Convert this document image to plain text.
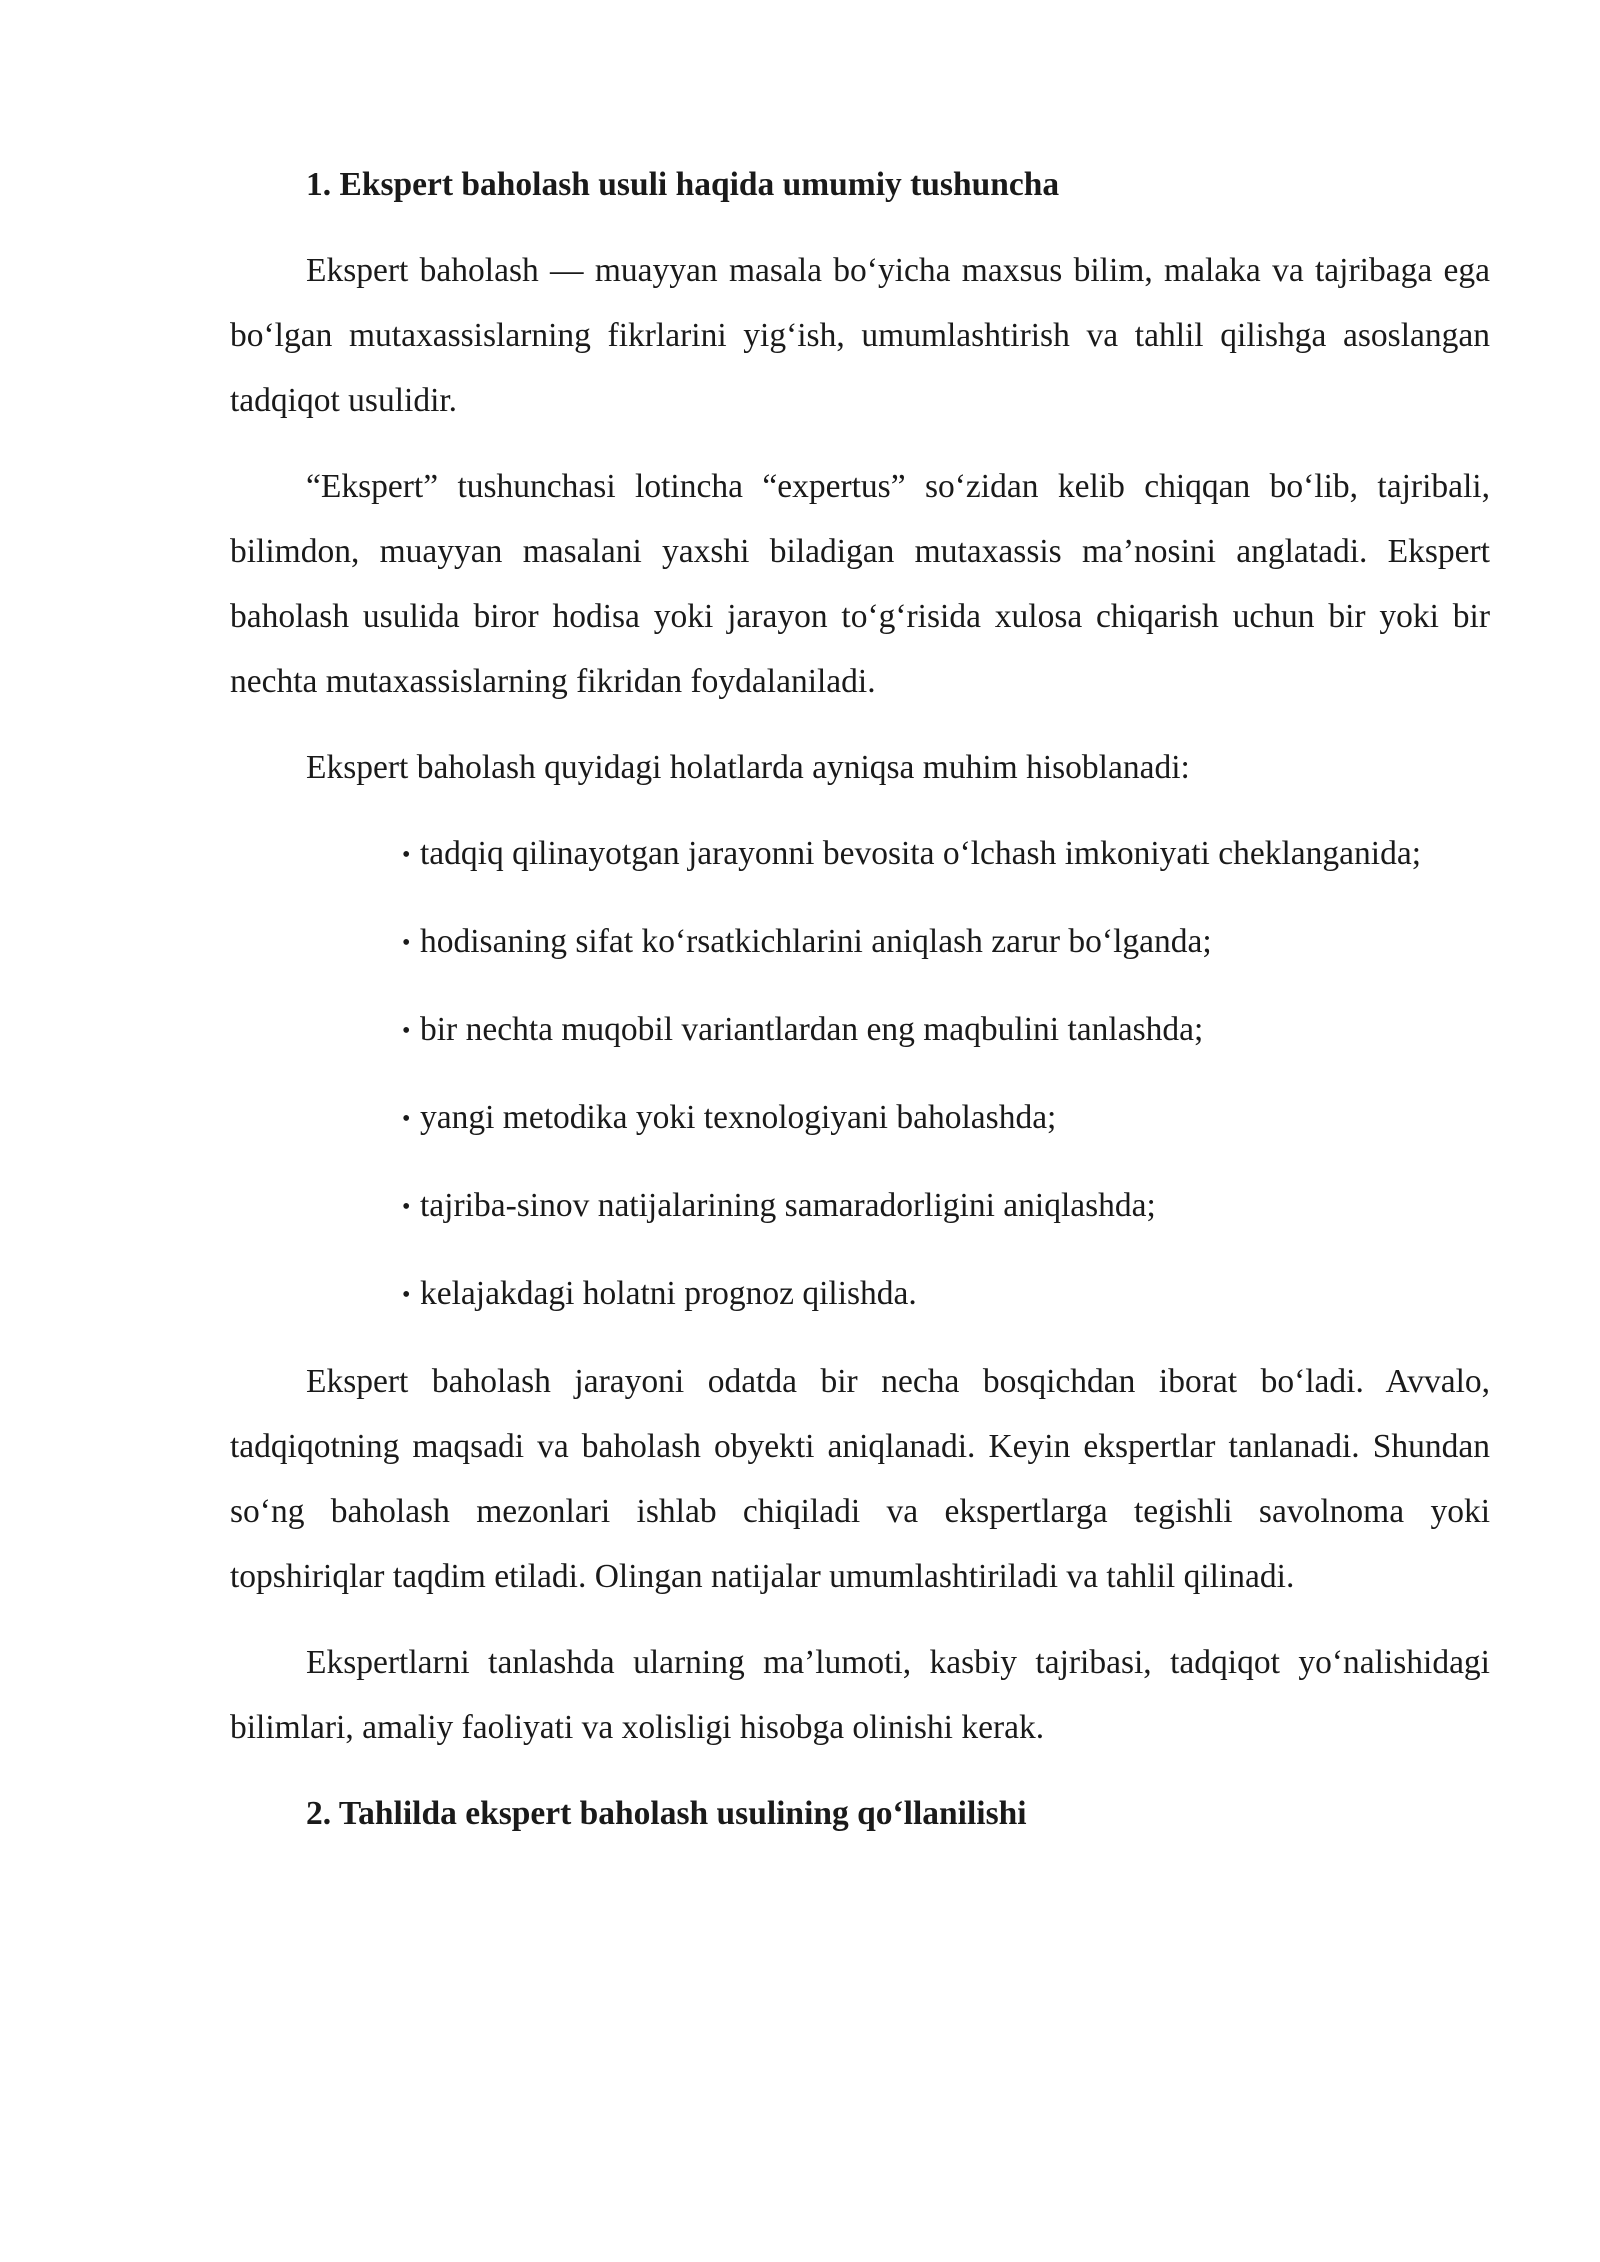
1. Ekspert baholash usuli haqida umumiy tushuncha

Ekspert baholash — muayyan masala bo‘yicha maxsus bilim, malaka va tajribaga ega bo‘lgan mutaxassislarning fikrlarini yig‘ish, umumlashtirish va tahlil qilishga asoslangan tadqiqot usulidir.

“Ekspert” tushunchasi lotincha “expertus” so‘zidan kelib chiqqan bo‘lib, tajribali, bilimdon, muayyan masalani yaxshi biladigan mutaxassis ma’nosini anglatadi. Ekspert baholash usulida biror hodisa yoki jarayon to‘g‘risida xulosa chiqarish uchun bir yoki bir nechta mutaxassislarning fikridan foydalaniladi.

Ekspert baholash quyidagi holatlarda ayniqsa muhim hisoblanadi:

• tadqiq qilinayotgan jarayonni bevosita o‘lchash imkoniyati cheklanganida;
• hodisaning sifat ko‘rsatkichlarini aniqlash zarur bo‘lganda;
• bir nechta muqobil variantlardan eng maqbulini tanlashda;
• yangi metodika yoki texnologiyani baholashda;
• tajriba-sinov natijalarining samaradorligini aniqlashda;
• kelajakdagi holatni prognoz qilishda.

Ekspert baholash jarayoni odatda bir necha bosqichdan iborat bo‘ladi. Avvalo, tadqiqotning maqsadi va baholash obyekti aniqlanadi. Keyin ekspertlar tanlanadi. Shundan so‘ng baholash mezonlari ishlab chiqiladi va ekspertlarga tegishli savolnoma yoki topshiriqlar taqdim etiladi. Olingan natijalar umumlashtiriladi va tahlil qilinadi.

Ekspertlarni tanlashda ularning ma’lumoti, kasbiy tajribasi, tadqiqot yo‘nalishidagi bilimlari, amaliy faoliyati va xolisligi hisobga olinishi kerak.

2. Tahlilda ekspert baholash usulining qo‘llanilishi
